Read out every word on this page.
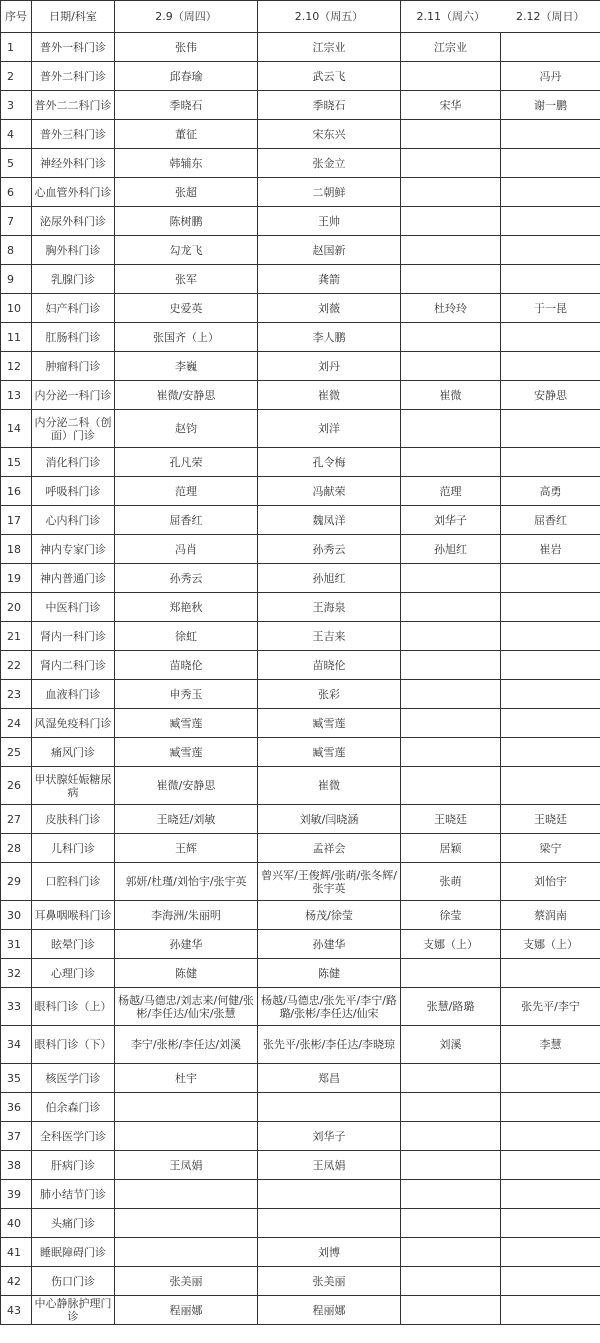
序号	日期/科室	2.9（周四）	2.10（周五）	2.11（周六）	2.12（周日）
1	普外一科门诊	张伟	江宗业	江宗业	
2	普外二科门诊	邱春瑜	武云飞		冯丹
3	普外二二科门诊	季晓石	季晓石	宋华	谢一鹏
4	普外三科门诊	董征	宋东兴		
5	神经外科门诊	韩辅东	张金立		
6	心血管外科门诊	张超	二朝鲜		
7	泌尿外科门诊	陈树鹏	王帅		
8	胸外科门诊	勾龙飞	赵国新		
9	乳腺门诊	张军	龚箭		
10	妇产科门诊	史爱英	刘薇	杜玲玲	于一昆
11	肛肠科门诊	张国齐（上）	李人鹏		
12	肿瘤科门诊	李巍	刘丹		
13	内分泌一科门诊	崔微/安静思	崔微	崔微	安静思
14	内分泌二科（创面）门诊	赵钧	刘洋		
15	消化科门诊	孔凡荣	孔令梅		
16	呼吸科门诊	范理	冯献荣	范理	高勇
17	心内科门诊	屈香红	魏凤洋	刘华子	屈香红
18	神内专家门诊	冯肖	孙秀云	孙旭红	崔岩
19	神内普通门诊	孙秀云	孙旭红		
20	中医科门诊	郑艳秋	王海泉		
21	肾内一科门诊	徐虹	王吉来		
22	肾内二科门诊	苗晓伦	苗晓伦		
23	血液科门诊	申秀玉	张彩		
24	风湿免疫科门诊	臧雪莲	臧雪莲		
25	痛风门诊	臧雪莲	臧雪莲		
26	甲状腺妊娠糖尿病	崔微/安静思	崔微		
27	皮肤科门诊	王晓廷/刘敏	刘敏/闫晓涵	王晓廷	王晓廷
28	儿科门诊	王辉	孟祥会	居颖	梁宁
29	口腔科门诊	郭妍/杜瑾/刘怡宇/张宇英	曾兴军/王俊辉/张萌/张冬辉/张宇英	张萌	刘怡宇
30	耳鼻咽喉科门诊	李海洲/朱丽明	杨茂/徐莹	徐莹	蔡润南
31	眩晕门诊	孙建华	孙建华	支娜（上）	支娜（上）
32	心理门诊	陈健	陈健		
33	眼科门诊（上）	杨越/马德忠/刘志来/何健/张彬/李任达/仙宋/张慧	杨越/马德忠/张先平/李宁/路璐/张彬/李任达/仙宋	张慧/路璐	张先平/李宁
34	眼科门诊（下）	李宁/张彬/李任达/刘溪	张先平/张彬/李任达/李晓琼	刘溪	李慧
35	核医学门诊	杜宇	郑昌		
36	伯余森门诊				
37	全科医学门诊		刘华子		
38	肝病门诊	王凤娟	王凤娟		
39	肺小结节门诊				
40	头痛门诊				
41	睡眠障碍门诊		刘博		
42	伤口门诊	张美丽	张美丽		
43	中心静脉护理门诊	程丽娜	程丽娜		
